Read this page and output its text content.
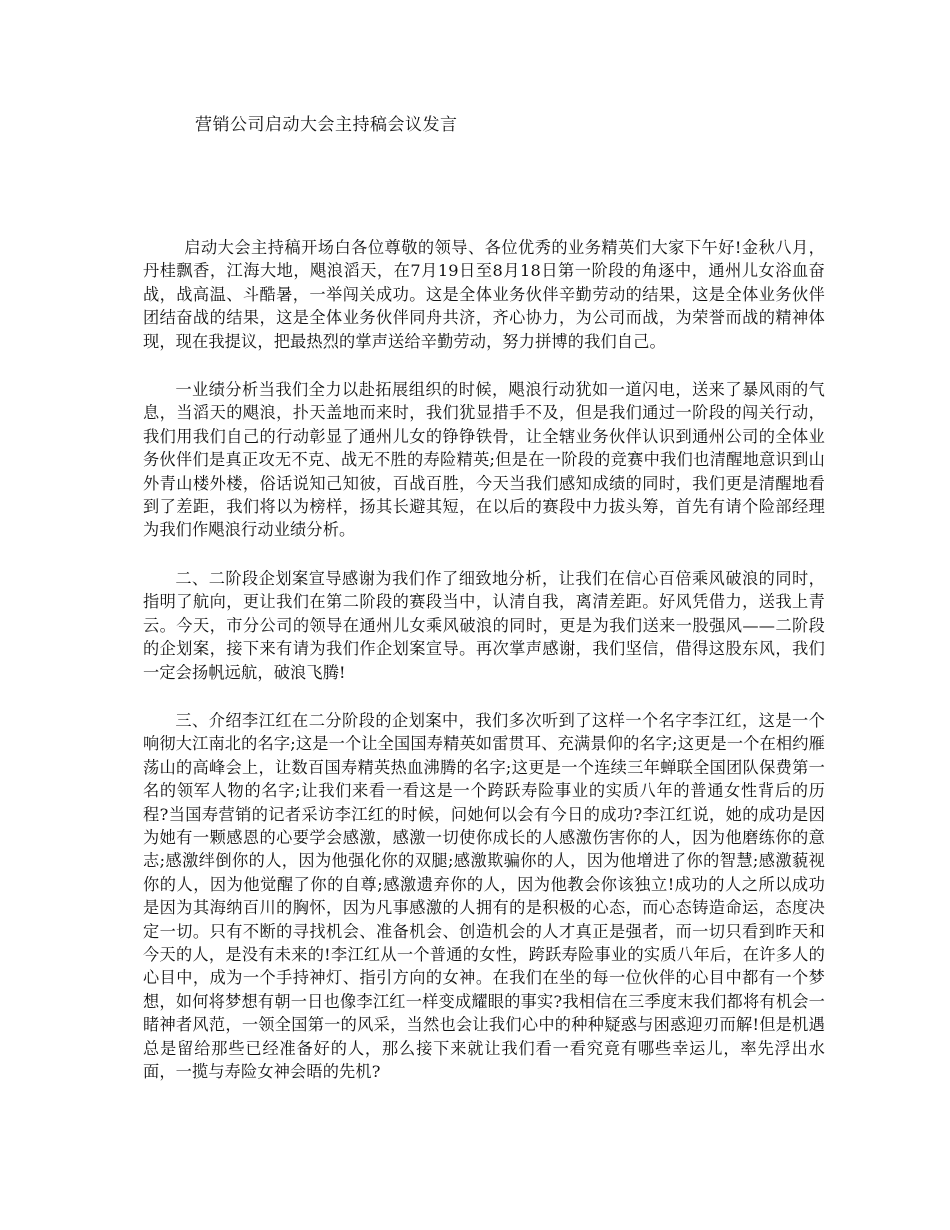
营销公司启动大会主持稿会议发言

启动大会主持稿开场白各位尊敬的领导、各位优秀的业务精英们大家下午好!金秋八月，丹桂飘香，江海大地，飓浪滔天，在7月19日至8月18日第一阶段的角逐中，通州儿女浴血奋战，战高温、斗酷暑，一举闯关成功。这是全体业务伙伴辛勤劳动的结果，这是全体业务伙伴团结奋战的结果，这是全体业务伙伴同舟共济，齐心协力，为公司而战，为荣誉而战的精神体现，现在我提议，把最热烈的掌声送给辛勤劳动，努力拼博的我们自己。

一业绩分析当我们全力以赴拓展组织的时候，飓浪行动犹如一道闪电，送来了暴风雨的气息，当滔天的飓浪，扑天盖地而来时，我们犹显措手不及，但是我们通过一阶段的闯关行动，我们用我们自己的行动彰显了通州儿女的铮铮铁骨，让全辖业务伙伴认识到通州公司的全体业务伙伴们是真正攻无不克、战无不胜的寿险精英;但是在一阶段的竞赛中我们也清醒地意识到山外青山楼外楼，俗话说知己知彼，百战百胜，今天当我们感知成绩的同时，我们更是清醒地看到了差距，我们将以为榜样，扬其长避其短，在以后的赛段中力拔头筹，首先有请个险部经理为我们作飓浪行动业绩分析。

二、二阶段企划案宣导感谢为我们作了细致地分析，让我们在信心百倍乘风破浪的同时，指明了航向，更让我们在第二阶段的赛段当中，认清自我，离清差距。好风凭借力，送我上青云。今天，市分公司的领导在通州儿女乘风破浪的同时，更是为我们送来一股强风——二阶段的企划案，接下来有请为我们作企划案宣导。再次掌声感谢，我们坚信，借得这股东风，我们一定会扬帆远航，破浪飞腾!

三、介绍李江红在二分阶段的企划案中，我们多次听到了这样一个名字李江红，这是一个响彻大江南北的名字;这是一个让全国国寿精英如雷贯耳、充满景仰的名字;这更是一个在相约雁荡山的高峰会上，让数百国寿精英热血沸腾的名字;这更是一个连续三年蝉联全国团队保费第一名的领军人物的名字;让我们来看一看这是一个跨跃寿险事业的实质八年的普通女性背后的历程?当国寿营销的记者采访李江红的时候，问她何以会有今日的成功?李江红说，她的成功是因为她有一颗感恩的心要学会感激，感激一切使你成长的人感激伤害你的人，因为他磨练你的意志;感激绊倒你的人，因为他强化你的双腿;感激欺骗你的人，因为他增进了你的智慧;感激藐视你的人，因为他觉醒了你的自尊;感激遗弃你的人，因为他教会你该独立!成功的人之所以成功是因为其海纳百川的胸怀，因为凡事感激的人拥有的是积极的心态，而心态铸造命运，态度决定一切。只有不断的寻找机会、准备机会、创造机会的人才真正是强者，而一切只看到昨天和今天的人，是没有未来的!李江红从一个普通的女性，跨跃寿险事业的实质八年后，在许多人的心目中，成为一个手持神灯、指引方向的女神。在我们在坐的每一位伙伴的心目中都有一个梦想，如何将梦想有朝一日也像李江红一样变成耀眼的事实?我相信在三季度末我们都将有机会一睹神者风范，一领全国第一的风采，当然也会让我们心中的种种疑惑与困惑迎刃而解!但是机遇总是留给那些已经准备好的人，那么接下来就让我们看一看究竟有哪些幸运儿，率先浮出水面，一揽与寿险女神会晤的先机?
